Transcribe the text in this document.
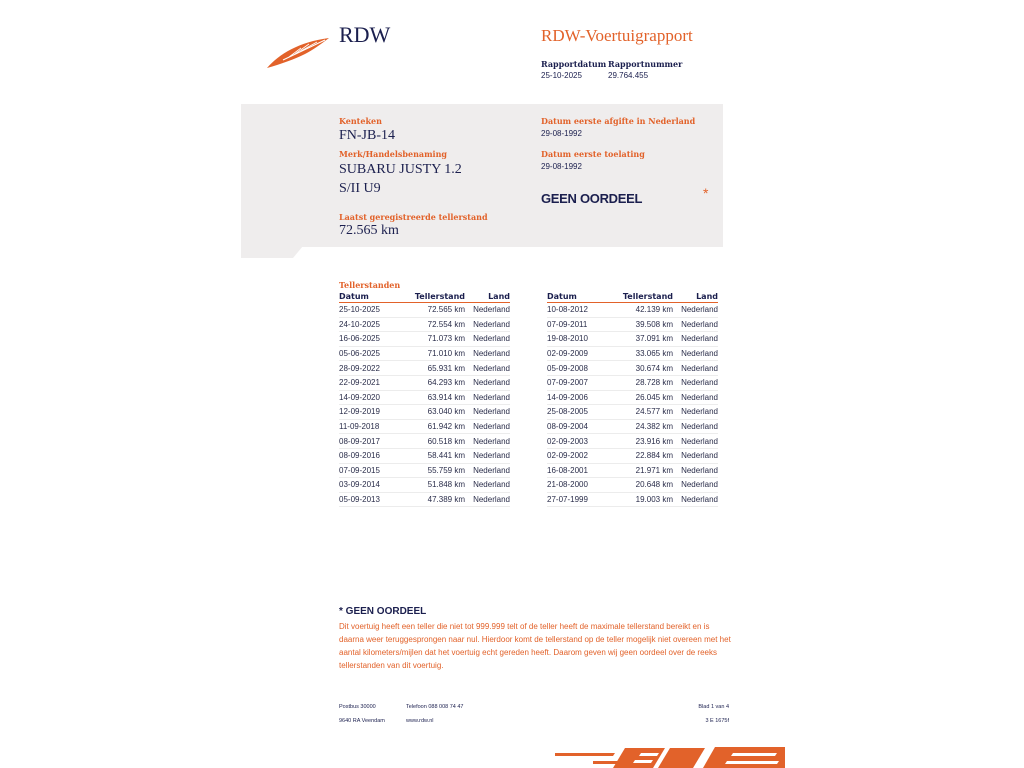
RDW	RDW-Voertuigrapport
Rapportdatum
25-10-2025
Rapportnummer
29.764.455
Kenteken
FN-JB-14
Merk/Handelsbenaming
SUBARU JUSTY 1.2
S/II U9
Laatst geregistreerde tellerstand
72.565 km
Datum eerste afgifte in Nederland
29-08-1992
Datum eerste toelating
29-08-1992
GEEN OORDEEL	*
Tellerstanden
Datum	Tellerstand	Land
25-10-2025	72.565 km	Nederland
24-10-2025	72.554 km	Nederland
16-06-2025	71.073 km	Nederland
05-06-2025	71.010 km	Nederland
28-09-2022	65.931 km	Nederland
22-09-2021	64.293 km	Nederland
14-09-2020	63.914 km	Nederland
12-09-2019	63.040 km	Nederland
11-09-2018	61.942 km	Nederland
08-09-2017	60.518 km	Nederland
08-09-2016	58.441 km	Nederland
07-09-2015	55.759 km	Nederland
03-09-2014	51.848 km	Nederland
05-09-2013	47.389 km	Nederland
Datum	Tellerstand	Land
10-08-2012	42.139 km	Nederland
07-09-2011	39.508 km	Nederland
19-08-2010	37.091 km	Nederland
02-09-2009	33.065 km	Nederland
05-09-2008	30.674 km	Nederland
07-09-2007	28.728 km	Nederland
14-09-2006	26.045 km	Nederland
25-08-2005	24.577 km	Nederland
08-09-2004	24.382 km	Nederland
02-09-2003	23.916 km	Nederland
02-09-2002	22.884 km	Nederland
16-08-2001	21.971 km	Nederland
21-08-2000	20.648 km	Nederland
27-07-1999	19.003 km	Nederland
* GEEN OORDEEL
Dit voertuig heeft een teller die niet tot 999.999 telt of de teller heeft de maximale tellerstand bereikt en is daarna weer teruggesprongen naar nul. Hierdoor komt de tellerstand op de teller mogelijk niet overeen met het aantal kilometers/mijlen dat het voertuig echt gereden heeft. Daarom geven wij geen oordeel over de reeks tellerstanden van dit voertuig.
Postbus 30000
9640 RA Veendam
Telefoon 088 008 74 47
www.rdw.nl
Blad 1 van 4
3 E 1675f
